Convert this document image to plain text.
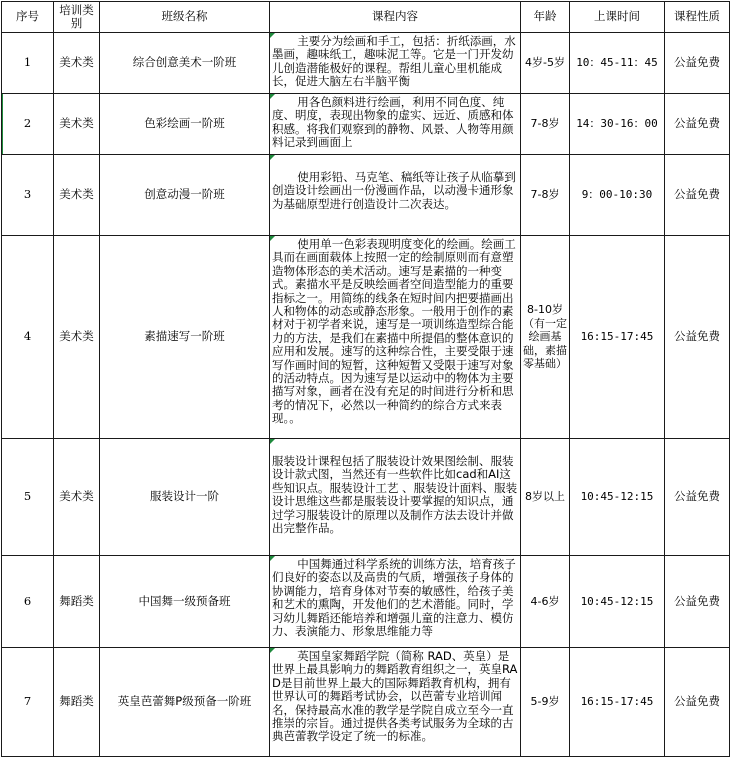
序号	培训类别	班级名称	课程内容	年龄	上课时间	课程性质
1	美术类	综合创意美术一阶班	主要分为绘画和手工，包括：折纸添画，水墨画，趣味纸工，趣味泥工等。它是一门开发幼儿创造潜能极好的课程。帮组儿童心里机能成长，促进大脑左右半脑平衡	4岁-5岁	10：45-11：45	公益免费

2	美术类	色彩绘画一阶班	用各色颜料进行绘画，利用不同色度、纯度、明度，表现出物象的虚实、远近、质感和体积感。将我们观察到的静物、风景、人物等用颜料记录到画面上	7-8岁	14：30-16：00	公益免费
3	美术类	创意动漫一阶班	使用彩铅、马克笔、稿纸等让孩子从临摹到创造设计绘画出一份漫画作品，以动漫卡通形象为基础原型进行创造设计二次表达。	7-8岁	9：00-10:30	公益免费
4	美术类	素描速写一阶班	使用单一色彩表现明度变化的绘画。绘画工具而在画面载体上按照一定的绘制原则而有意塑造物体形态的美术活动。速写是素描的一种变式。素描水平是反映绘画者空间造型能力的重要指标之一。用简练的线条在短时间内把要描画出人和物体的动态或静态形象。一般用于创作的素材对于初学者来说，速写是一项训练造型综合能力的方法，是我们在素描中所提倡的整体意识的应用和发展。速写的这种综合性，主要受限于速写作画时间的短暂，这种短暂又受限于速写对象的活动特点。因为速写是以运动中的物体为主要描写对象，画者在没有充足的时间进行分析和思考的情况下，必然以一种简约的综合方式来表现。。	8-10岁（有一定绘画基础，素描零基础）	16:15-17:45	公益免费
5	美术类	服装设计一阶	服装设计课程包括了服装设计效果图绘制、服装设计款式图，当然还有一些软件比如cad和AI这些知识点。服装设计工艺 、服装设计面料、服装设计思维这些都是服装设计要掌握的知识点，通过学习服装设计的原理以及制作方法去设计并做出完整作品。	8岁以上	10:45-12:15	公益免费
6	舞蹈类	中国舞一级预备班	中国舞通过科学系统的训练方法，培育孩子们良好的姿态以及高贵的气质，增强孩子身体的协调能力，培育身体对节奏的敏感性，给孩子美和艺术的熏陶，开发他们的艺术潜能。同时，学习幼儿舞蹈还能培养和增强儿童的注意力、模仿力、表演能力、形象思维能力等	4-6岁	10:45-12:15	公益免费
7	舞蹈类	英皇芭蕾舞P级预备一阶班	英国皇家舞蹈学院（简称 RAD、英皇）是世界上最具影响力的舞蹈教育组织之一，英皇RAD是目前世界上最大的国际舞蹈教育机构，拥有世界认可的舞蹈考试协会，以芭蕾专业培训闻名，保持最高水准的教学是学院自成立至今一直推崇的宗旨。通过提供各类考试服务为全球的古典芭蕾教学设定了统一的标准。	5-9岁	16:15-17:45	公益免费
